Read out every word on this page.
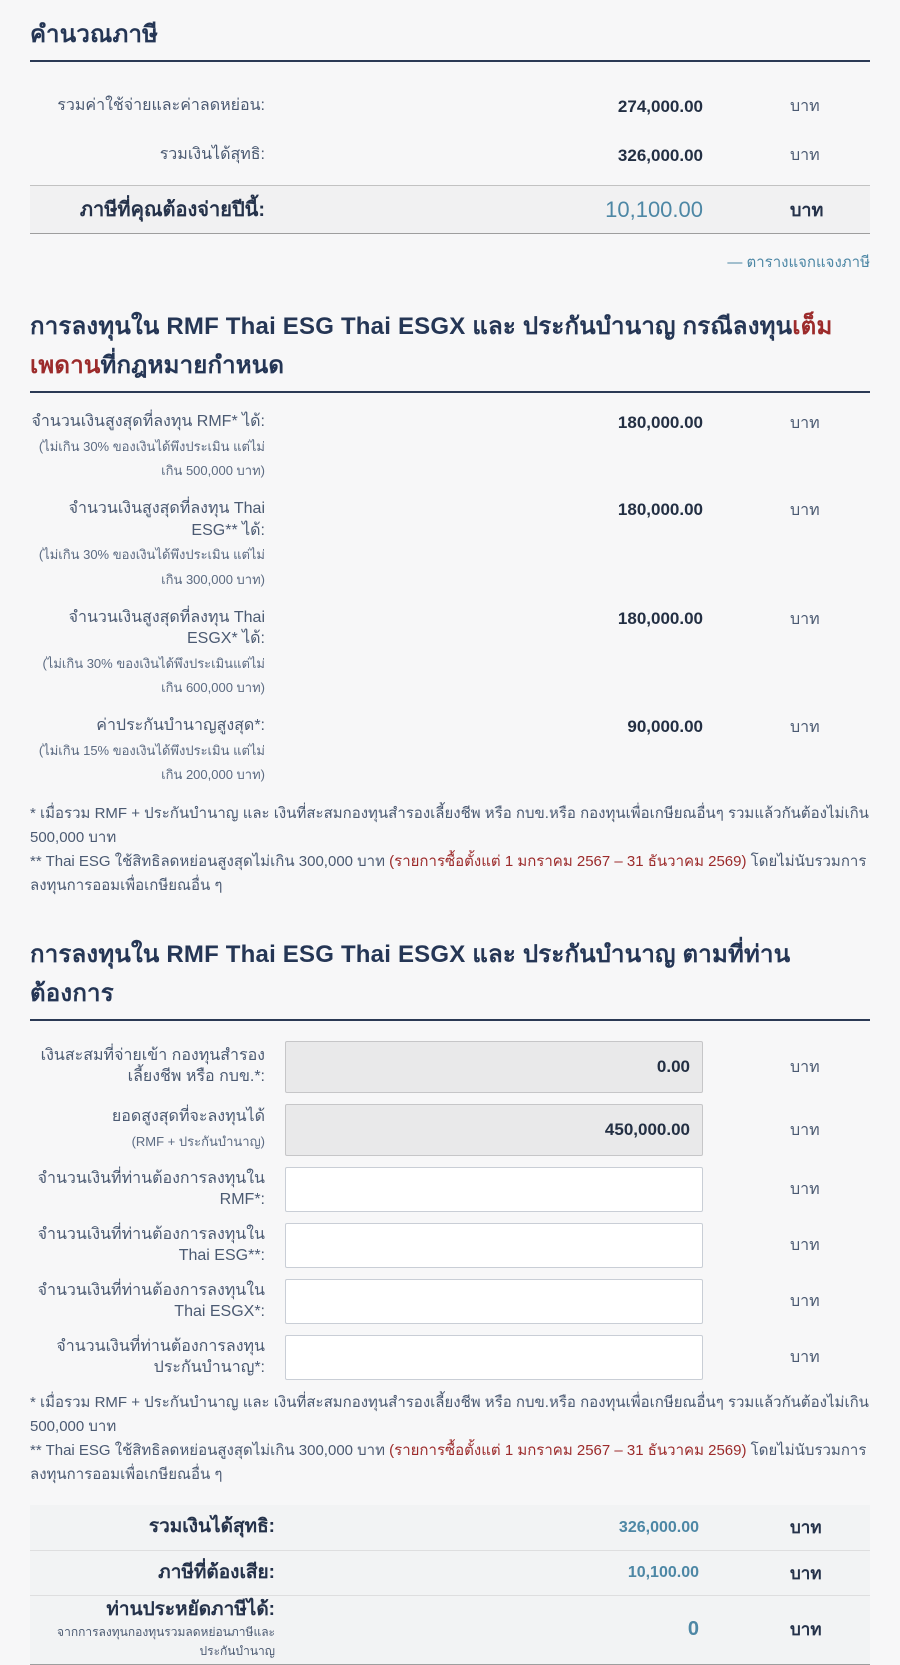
คำนวณภาษี
รวมค่าใช้จ่ายและค่าลดหย่อน:	274,000.00	บาท
รวมเงินได้สุทธิ:	326,000.00	บาท
ภาษีที่คุณต้องจ่ายปีนี้:	10,100.00	บาท
— ตารางแจกแจงภาษี
การลงทุนใน RMF Thai ESG Thai ESGX และ ประกันบำนาญ กรณีลงทุนเต็มเพดานที่กฎหมายกำหนด
จำนวนเงินสูงสุดที่ลงทุน RMF* ได้:
(ไม่เกิน 30% ของเงินได้พึงประเมิน แต่ไม่เกิน 500,000 บาท)
180,000.00	บาท
จำนวนเงินสูงสุดที่ลงทุน Thai ESG** ได้:
(ไม่เกิน 30% ของเงินได้พึงประเมิน แต่ไม่เกิน 300,000 บาท)
180,000.00	บาท
จำนวนเงินสูงสุดที่ลงทุน Thai ESGX* ได้:
(ไม่เกิน 30% ของเงินได้พึงประเมินแต่ไม่เกิน 600,000 บาท)
180,000.00	บาท
ค่าประกันบำนาญสูงสุด*:
(ไม่เกิน 15% ของเงินได้พึงประเมิน แต่ไม่เกิน 200,000 บาท)
90,000.00	บาท
* เมื่อรวม RMF + ประกันบำนาญ และ เงินที่สะสมกองทุนสำรองเลี้ยงชีพ หรือ กบข.หรือ กองทุนเพื่อเกษียณอื่นๆ รวมแล้วกันต้องไม่เกิน 500,000 บาท
** Thai ESG ใช้สิทธิลดหย่อนสูงสุดไม่เกิน 300,000 บาท (รายการซื้อตั้งแต่ 1 มกราคม 2567 – 31 ธันวาคม 2569) โดยไม่นับรวมการลงทุนการออมเพื่อเกษียณอื่น ๆ
การลงทุนใน RMF Thai ESG Thai ESGX และ ประกันบำนาญ ตามที่ท่านต้องการ
เงินสะสมที่จ่ายเข้า กองทุนสำรองเลี้ยงชีพ หรือ กบข.*:
0.00
บาท
ยอดสูงสุดที่จะลงทุนได้
(RMF + ประกันบำนาญ)
450,000.00
บาท
จำนวนเงินที่ท่านต้องการลงทุนใน RMF*:
บาท
จำนวนเงินที่ท่านต้องการลงทุนใน Thai ESG**:
บาท
จำนวนเงินที่ท่านต้องการลงทุนใน Thai ESGX*:
บาท
จำนวนเงินที่ท่านต้องการลงทุนประกันบำนาญ*:
บาท
* เมื่อรวม RMF + ประกันบำนาญ และ เงินที่สะสมกองทุนสำรองเลี้ยงชีพ หรือ กบข.หรือ กองทุนเพื่อเกษียณอื่นๆ รวมแล้วกันต้องไม่เกิน 500,000 บาท
** Thai ESG ใช้สิทธิลดหย่อนสูงสุดไม่เกิน 300,000 บาท (รายการซื้อตั้งแต่ 1 มกราคม 2567 – 31 ธันวาคม 2569) โดยไม่นับรวมการลงทุนการออมเพื่อเกษียณอื่น ๆ
รวมเงินได้สุทธิ:	326,000.00	บาท
ภาษีที่ต้องเสีย:	10,100.00	บาท
ท่านประหยัดภาษีได้:
จากการลงทุนกองทุนรวมลดหย่อนภาษีและประกันบำนาญ
0	บาท
